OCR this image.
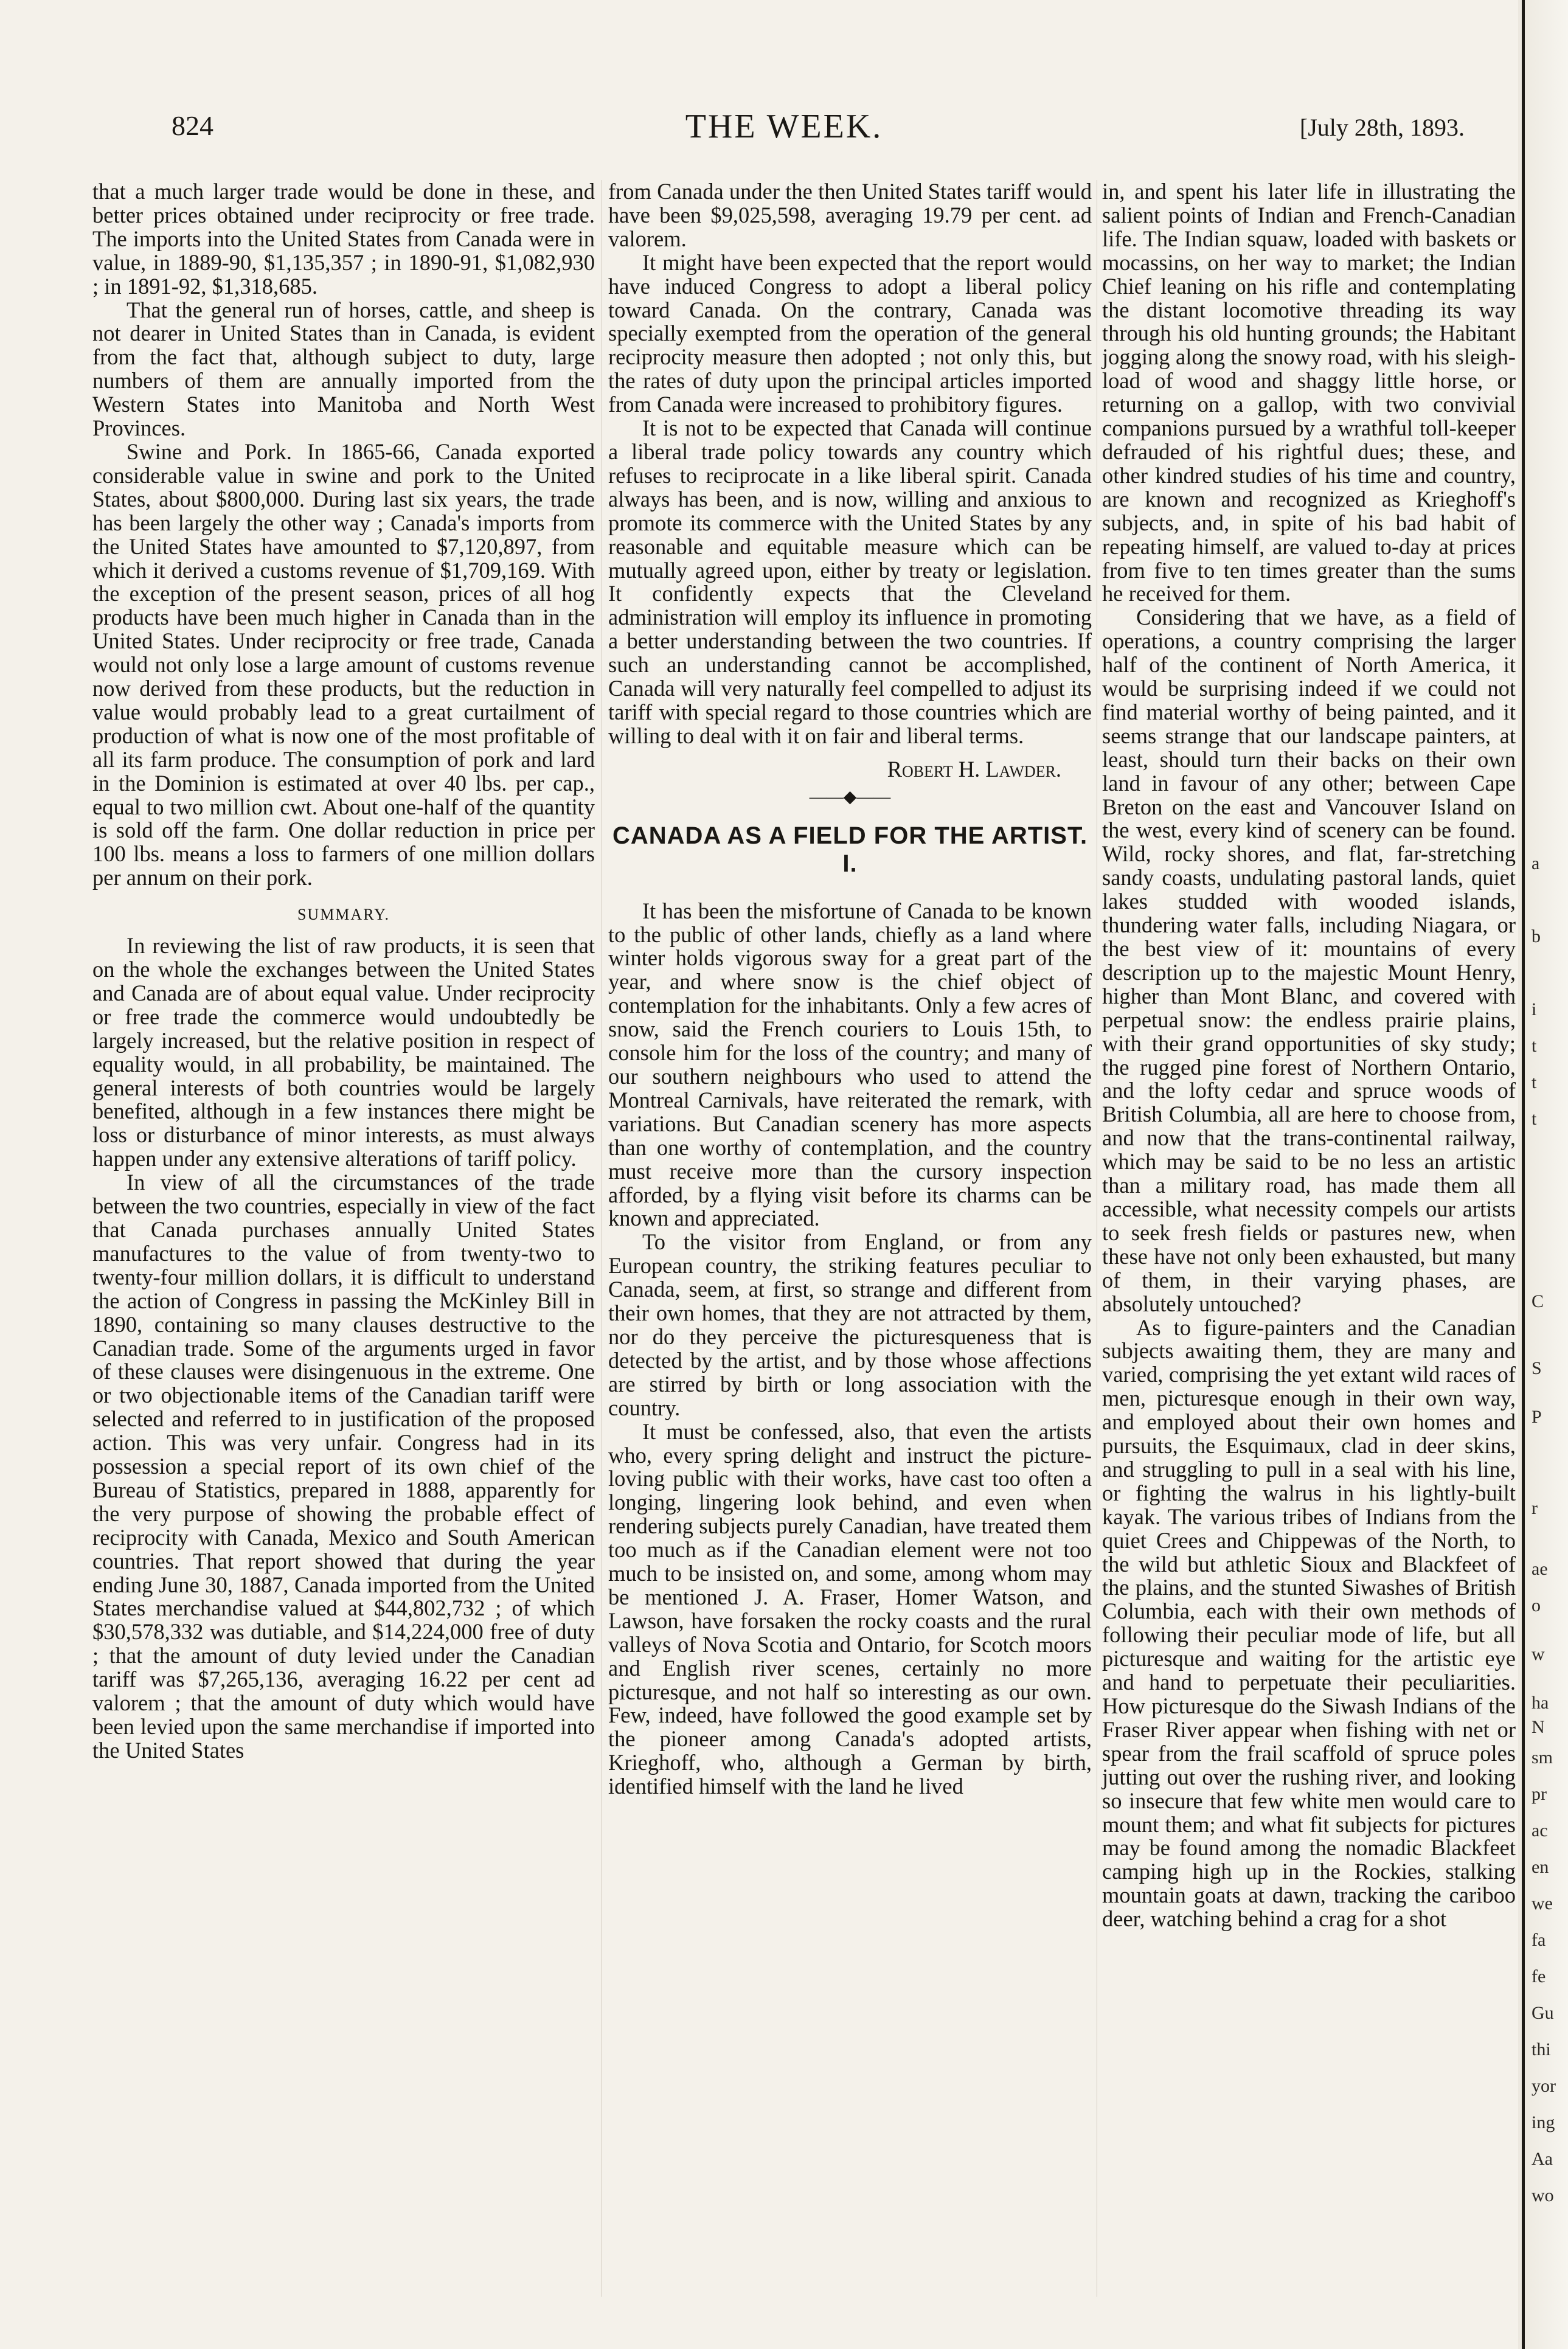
824	THE WEEK.	[July 28th, 1893.

that a much larger trade would be done in these, and better prices obtained under reciprocity or free trade. The imports into the United States from Canada were in value, in 1889-90, $1,135,357 ; in 1890-91, $1,082,930 ; in 1891-92, $1,318,685.

That the general run of horses, cattle, and sheep is not dearer in United States than in Canada, is evident from the fact that, although subject to duty, large numbers of them are annually imported from the Western States into Manitoba and North West Provinces.

Swine and Pork. In 1865-66, Canada exported considerable value in swine and pork to the United States, about $800,000. During last six years, the trade has been largely the other way ; Canada's imports from the United States have amounted to $7,120,897, from which it derived a customs revenue of $1,709,169. With the exception of the present season, prices of all hog products have been much higher in Canada than in the United States. Under reciprocity or free trade, Canada would not only lose a large amount of customs revenue now derived from these products, but the reduction in value would probably lead to a great curtailment of production of what is now one of the most profitable of all its farm produce. The consumption of pork and lard in the Dominion is estimated at over 40 lbs. per cap., equal to two million cwt. About one-half of the quantity is sold off the farm. One dollar reduction in price per 100 lbs. means a loss to farmers of one million dollars per annum on their pork.

SUMMARY.

In reviewing the list of raw products, it is seen that on the whole the exchanges between the United States and Canada are of about equal value. Under reciprocity or free trade the commerce would undoubtedly be largely increased, but the relative position in respect of equality would, in all probability, be maintained. The general interests of both countries would be largely benefited, although in a few instances there might be loss or disturbance of minor interests, as must always happen under any extensive alterations of tariff policy.

In view of all the circumstances of the trade between the two countries, especially in view of the fact that Canada purchases annually United States manufactures to the value of from twenty-two to twenty-four million dollars, it is difficult to understand the action of Congress in passing the McKinley Bill in 1890, containing so many clauses destructive to the Canadian trade. Some of the arguments urged in favor of these clauses were disingenuous in the extreme. One or two objectionable items of the Canadian tariff were selected and referred to in justification of the proposed action. This was very unfair. Congress had in its possession a special report of its own chief of the Bureau of Statistics, prepared in 1888, apparently for the very purpose of showing the probable effect of reciprocity with Canada, Mexico and South American countries. That report showed that during the year ending June 30, 1887, Canada imported from the United States merchandise valued at $44,802,732 ; of which $30,578,332 was dutiable, and $14,224,000 free of duty ; that the amount of duty levied under the Canadian tariff was $7,265,136, averaging 16.22 per cent ad valorem ; that the amount of duty which would have been levied upon the same merchandise if imported into the United States

from Canada under the then United States tariff would have been $9,025,598, averaging 19.79 per cent. ad valorem.

It might have been expected that the report would have induced Congress to adopt a liberal policy toward Canada. On the contrary, Canada was specially exempted from the operation of the general reciprocity measure then adopted ; not only this, but the rates of duty upon the principal articles imported from Canada were increased to prohibitory figures.

It is not to be expected that Canada will continue a liberal trade policy towards any country which refuses to reciprocate in a like liberal spirit. Canada always has been, and is now, willing and anxious to promote its commerce with the United States by any reasonable and equitable measure which can be mutually agreed upon, either by treaty or legislation. It confidently expects that the Cleveland administration will employ its influence in promoting a better understanding between the two countries. If such an understanding cannot be accomplished, Canada will very naturally feel compelled to adjust its tariff with special regard to those countries which are willing to deal with it on fair and liberal terms.

Robert H. Lawder.
——◆——
CANADA AS A FIELD FOR THE ARTIST. I.

It has been the misfortune of Canada to be known to the public of other lands, chiefly as a land where winter holds vigorous sway for a great part of the year, and where snow is the chief object of contemplation for the inhabitants. Only a few acres of snow, said the French couriers to Louis 15th, to console him for the loss of the country; and many of our southern neighbours who used to attend the Montreal Carnivals, have reiterated the remark, with variations. But Canadian scenery has more aspects than one worthy of contemplation, and the country must receive more than the cursory inspection afforded, by a flying visit before its charms can be known and appreciated.

To the visitor from England, or from any European country, the striking features peculiar to Canada, seem, at first, so strange and different from their own homes, that they are not attracted by them, nor do they perceive the picturesqueness that is detected by the artist, and by those whose affections are stirred by birth or long association with the country.

It must be confessed, also, that even the artists who, every spring delight and instruct the picture-loving public with their works, have cast too often a longing, lingering look behind, and even when rendering subjects purely Canadian, have treated them too much as if the Canadian element were not too much to be insisted on, and some, among whom may be mentioned J. A. Fraser, Homer Watson, and Lawson, have forsaken the rocky coasts and the rural valleys of Nova Scotia and Ontario, for Scotch moors and English river scenes, certainly no more picturesque, and not half so interesting as our own. Few, indeed, have followed the good example set by the pioneer among Canada's adopted artists, Krieghoff, who, although a German by birth, identified himself with the land he lived

in, and spent his later life in illustrating the salient points of Indian and French-Canadian life. The Indian squaw, loaded with baskets or mocassins, on her way to market; the Indian Chief leaning on his rifle and contemplating the distant locomotive threading its way through his old hunting grounds; the Habitant jogging along the snowy road, with his sleigh-load of wood and shaggy little horse, or returning on a gallop, with two convivial companions pursued by a wrathful toll-keeper defrauded of his rightful dues; these, and other kindred studies of his time and country, are known and recognized as Krieghoff's subjects, and, in spite of his bad habit of repeating himself, are valued to-day at prices from five to ten times greater than the sums he received for them.

Considering that we have, as a field of operations, a country comprising the larger half of the continent of North America, it would be surprising indeed if we could not find material worthy of being painted, and it seems strange that our landscape painters, at least, should turn their backs on their own land in favour of any other; between Cape Breton on the east and Vancouver Island on the west, every kind of scenery can be found. Wild, rocky shores, and flat, far-stretching sandy coasts, undulating pastoral lands, quiet lakes studded with wooded islands, thundering water falls, including Niagara, or the best view of it: mountains of every description up to the majestic Mount Henry, higher than Mont Blanc, and covered with perpetual snow: the endless prairie plains, with their grand opportunities of sky study; the rugged pine forest of Northern Ontario, and the lofty cedar and spruce woods of British Columbia, all are here to choose from, and now that the trans-continental railway, which may be said to be no less an artistic than a military road, has made them all accessible, what necessity compels our artists to seek fresh fields or pastures new, when these have not only been exhausted, but many of them, in their varying phases, are absolutely untouched?

As to figure-painters and the Canadian subjects awaiting them, they are many and varied, comprising the yet extant wild races of men, picturesque enough in their own way, and employed about their own homes and pursuits, the Esquimaux, clad in deer skins, and struggling to pull in a seal with his line, or fighting the walrus in his lightly-built kayak. The various tribes of Indians from the quiet Crees and Chippewas of the North, to the wild but athletic Sioux and Blackfeet of the plains, and the stunted Siwashes of British Columbia, each with their own methods of following their peculiar mode of life, but all picturesque and waiting for the artistic eye and hand to perpetuate their peculiarities. How picturesque do the Siwash Indians of the Fraser River appear when fishing with net or spear from the frail scaffold of spruce poles jutting out over the rushing river, and looking so insecure that few white men would care to mount them; and what fit subjects for pictures may be found among the nomadic Blackfeet camping high up in the Rockies, stalking mountain goats at dawn, tracking the cariboo deer, watching behind a crag for a shot

a
b
i
t
t
t
C
S
P
r
ae
o
w
ha
N
sm
pr
ac
en
we
fa
fe
Gu
thi
yor
ing
Aa
wo
